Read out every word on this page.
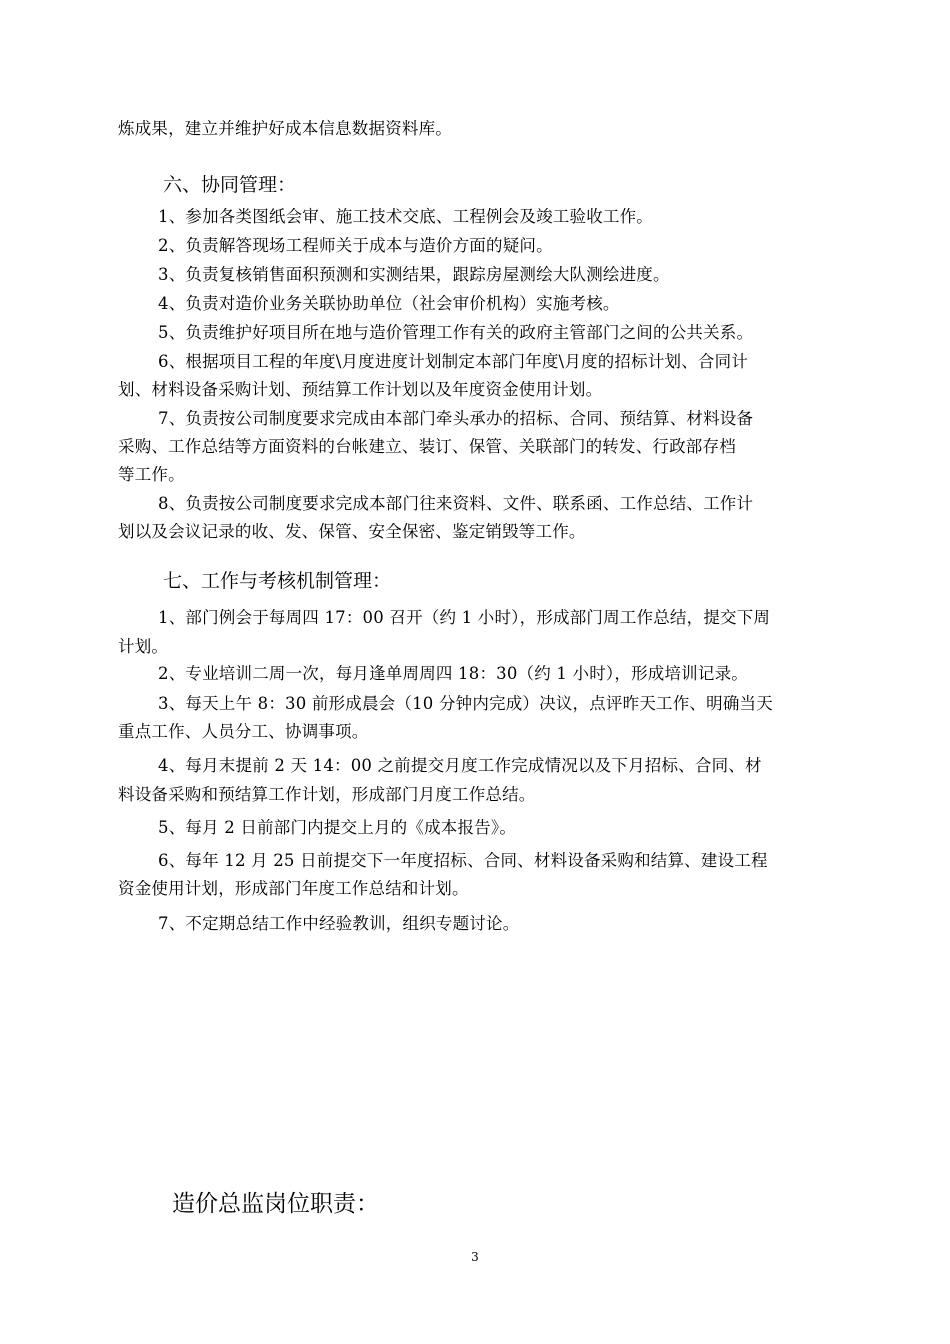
炼成果，建立并维护好成本信息数据资料库。
六、协同管理：
1、参加各类图纸会审、施工技术交底、工程例会及竣工验收工作。
2、负责解答现场工程师关于成本与造价方面的疑问。
3、负责复核销售面积预测和实测结果，跟踪房屋测绘大队测绘进度。
4、负责对造价业务关联协助单位（社会审价机构）实施考核。
5、负责维护好项目所在地与造价管理工作有关的政府主管部门之间的公共关系。
6、根据项目工程的年度\月度进度计划制定本部门年度\月度的招标计划、合同计
划、材料设备采购计划、预结算工作计划以及年度资金使用计划。
7、负责按公司制度要求完成由本部门牵头承办的招标、合同、预结算、材料设备
采购、工作总结等方面资料的台帐建立、装订、保管、关联部门的转发、行政部存档
等工作。
8、负责按公司制度要求完成本部门往来资料、文件、联系函、工作总结、工作计
划以及会议记录的收、发、保管、安全保密、鉴定销毁等工作。
七、工作与考核机制管理：
1、部门例会于每周四 17：00 召开（约 1 小时），形成部门周工作总结，提交下周
计划。
2、专业培训二周一次，每月逢单周周四 18：30（约 1 小时），形成培训记录。
3、每天上午 8：30 前形成晨会（10 分钟内完成）决议，点评昨天工作、明确当天
重点工作、人员分工、协调事项。
4、每月末提前 2 天 14：00 之前提交月度工作完成情况以及下月招标、合同、材
料设备采购和预结算工作计划，形成部门月度工作总结。
5、每月 2 日前部门内提交上月的《成本报告》。
6、每年 12 月 25 日前提交下一年度招标、合同、材料设备采购和结算、建设工程
资金使用计划，形成部门年度工作总结和计划。
7、不定期总结工作中经验教训，组织专题讨论。
造价总监岗位职责：
3
